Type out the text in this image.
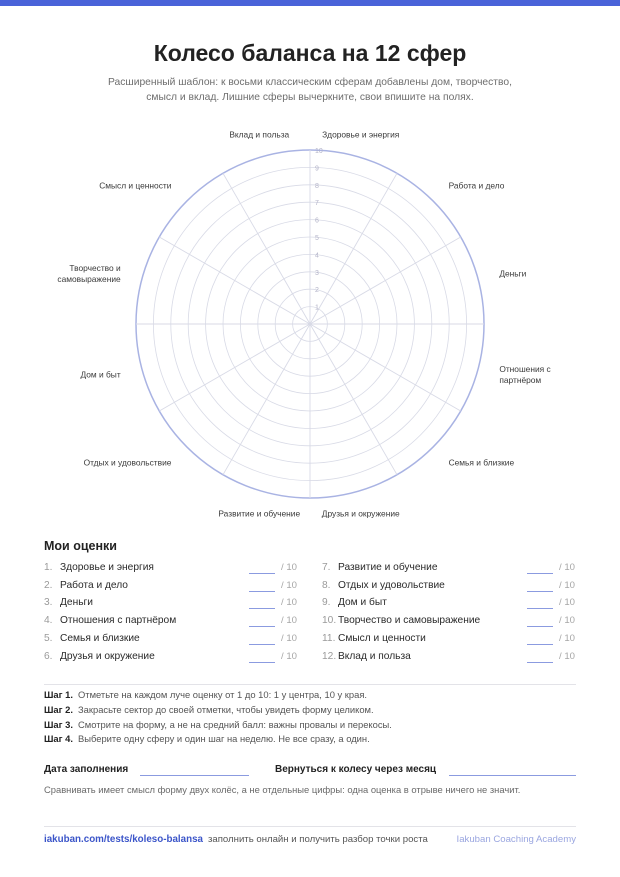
Колесо баланса на 12 сфер
Расширенный шаблон: к восьми классическим сферам добавлены дом, творчество, смысл и вклад. Лишние сферы вычеркните, свои впишите на полях.
1
2
3
4
5
6
7
8
9
10
Здоровье и энергия
Работа и дело
Деньги
Отношения с партнёром
Семья и близкие
Друзья и окружение
Развитие и обучение
Отдых и удовольствие
Дом и быт
Творчество и самовыражение
Смысл и ценности
Вклад и польза
Мои оценки
1. Здоровье и энергия	/ 10
2. Работа и дело	/ 10
3. Деньги	/ 10
4. Отношения с партнёром	/ 10
5. Семья и близкие	/ 10
6. Друзья и окружение	/ 10
7. Развитие и обучение	/ 10
8. Отдых и удовольствие	/ 10
9. Дом и быт	/ 10
10. Творчество и самовыражение	/ 10
11. Смысл и ценности	/ 10
12. Вклад и польза	/ 10
Шаг 1. Отметьте на каждом луче оценку от 1 до 10: 1 у центра, 10 у края.
Шаг 2. Закрасьте сектор до своей отметки, чтобы увидеть форму целиком.
Шаг 3. Смотрите на форму, а не на средний балл: важны провалы и перекосы.
Шаг 4. Выберите одну сферу и один шаг на неделю. Не все сразу, а один.
Дата заполнения	Вернуться к колесу через месяц
Сравнивать имеет смысл форму двух колёс, а не отдельные цифры: одна оценка в отрыве ничего не значит.
iakuban.com/tests/koleso-balansa заполнить онлайн и получить разбор точки роста	Iakuban Coaching Academy
